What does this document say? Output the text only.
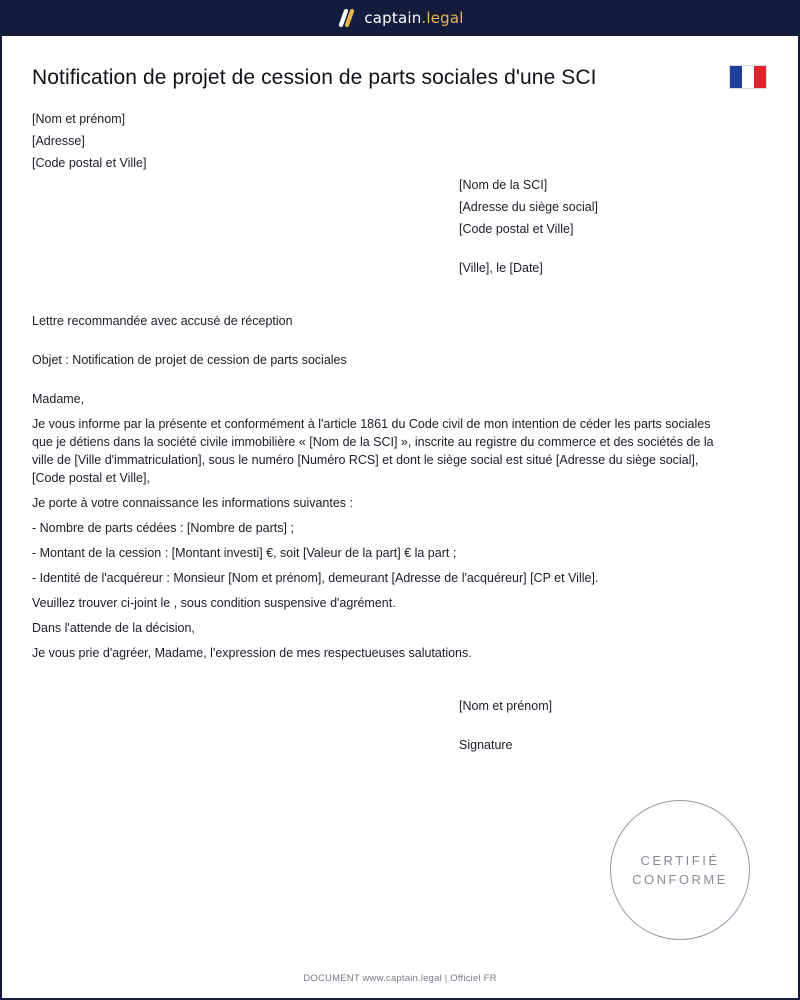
captain.legal
Notification de projet de cession de parts sociales d'une SCI
[Nom et prénom]
[Adresse]
[Code postal et Ville]
[Nom de la SCI]
[Adresse du siège social]
[Code postal et Ville]
[Ville], le [Date]
Lettre recommandée avec accusé de réception
Objet : Notification de projet de cession de parts sociales
Madame,

Je vous informe par la présente et conformément à l'article 1861 du Code civil de mon intention de céder les parts sociales que je détiens dans la société civile immobilière « [Nom de la SCI] », inscrite au registre du commerce et des sociétés de la ville de [Ville d'immatriculation], sous le numéro [Numéro RCS] et dont le siège social est situé [Adresse du siège social], [Code postal et Ville],

Je porte à votre connaissance les informations suivantes :
- Nombre de parts cédées : [Nombre de parts] ;
- Montant de la cession : [Montant investi] €, soit [Valeur de la part] € la part ;
- Identité de l'acquéreur : Monsieur [Nom et prénom], demeurant [Adresse de l'acquéreur] [CP et Ville].
Veuillez trouver ci-joint le , sous condition suspensive d'agrément.
Dans l'attende de la décision,
Je vous prie d'agréer, Madame, l'expression de mes respectueuses salutations.
[Nom et prénom]
Signature
CERTIFIÉ
CONFORME
DOCUMENT www.captain.legal | Officiel FR
